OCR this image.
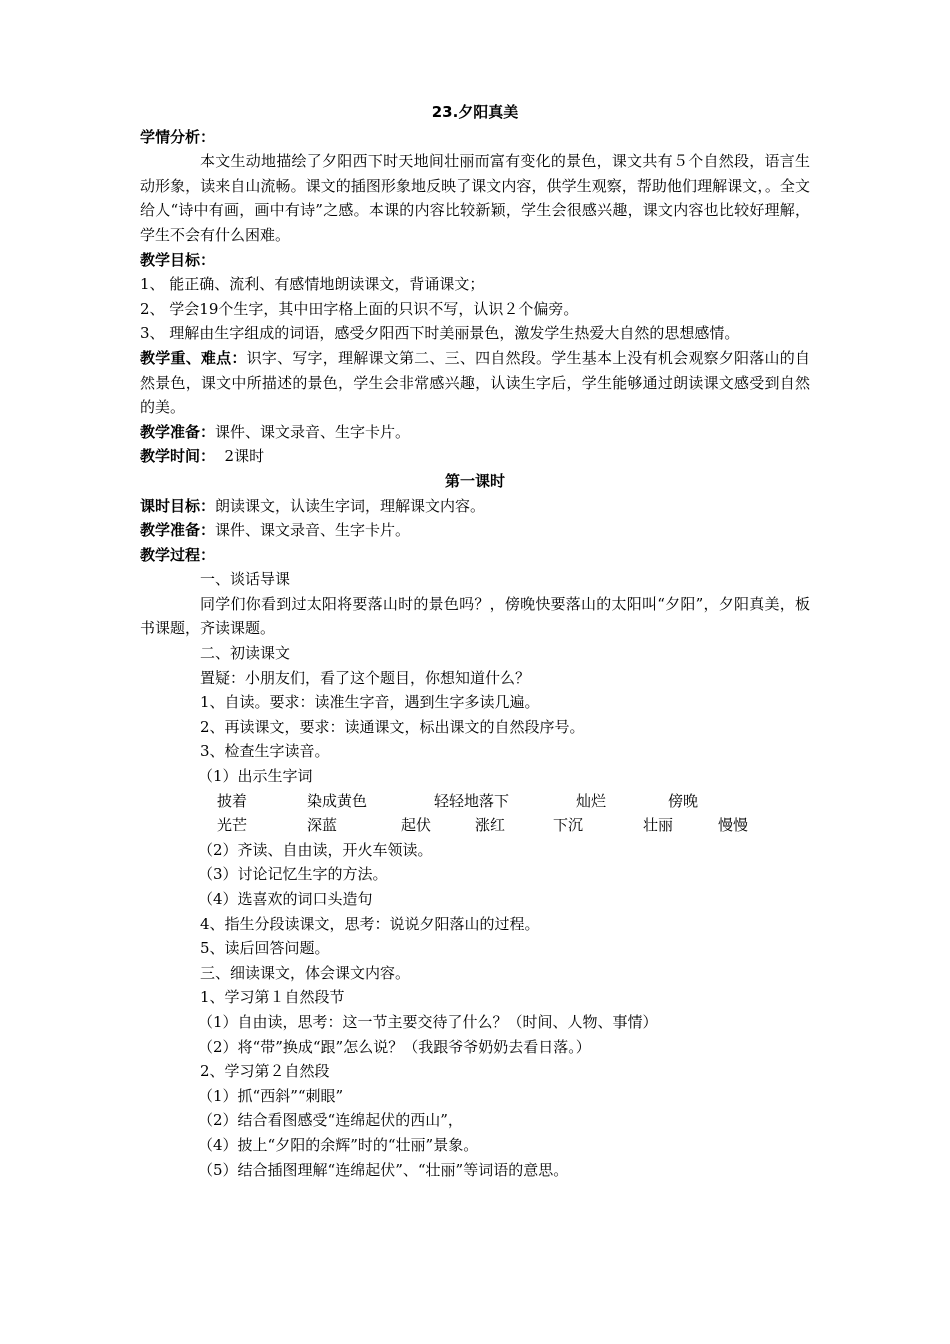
23.夕阳真美
学情分析：
本文生动地描绘了夕阳西下时天地间壮丽而富有变化的景色，课文共有５个自然段，语言生动形象，读来自山流畅。课文的插图形象地反映了课文内容，供学生观察，帮助他们理解课文，。全文给人“诗中有画，画中有诗”之感。本课的内容比较新颖，学生会很感兴趣，课文内容也比较好理解，学生不会有什么困难。
教学目标：
1、 能正确、流利、有感情地朗读课文，背诵课文；
2、 学会19个生字，其中田字格上面的只识不写，认识２个偏旁。
3、 理解由生字组成的词语，感受夕阳西下时美丽景色，激发学生热爱大自然的思想感情。
教学重、难点：识字、写字，理解课文第二、三、四自然段。学生基本上没有机会观察夕阳落山的自然景色，课文中所描述的景色，学生会非常感兴趣，认读生字后，学生能够通过朗读课文感受到自然的美。
教学准备：课件、课文录音、生字卡片。
教学时间：  2课时
第一课时
课时目标：朗读课文，认读生字词，理解课文内容。
教学准备：课件、课文录音、生字卡片。
教学过程：
一、谈话导课
同学们你看到过太阳将要落山时的景色吗？，傍晚快要落山的太阳叫“夕阳”，夕阳真美，板书课题，齐读课题。
二、初读课文
置疑：小朋友们，看了这个题目，你想知道什么？
1、自读。要求：读准生字音，遇到生字多读几遍。
2、再读课文，要求：读通课文，标出课文的自然段序号。
3、检查生字读音。
（1）出示生字词
披着	染成黄色	轻轻地落下	灿烂	傍晚
光芒	深蓝	起伏	涨红	下沉	壮丽	慢慢
（2）齐读、自由读，开火车领读。
（3）讨论记忆生字的方法。
（4）选喜欢的词口头造句
4、指生分段读课文，思考：说说夕阳落山的过程。
5、读后回答问题。
三、细读课文，体会课文内容。
1、学习第１自然段节
（1）自由读，思考：这一节主要交待了什么？（时间、人物、事情）
（2）将“带”换成“跟”怎么说？（我跟爷爷奶奶去看日落。）
2、学习第２自然段
（1）抓“西斜”“刺眼”
（2）结合看图感受“连绵起伏的西山”，
（4）披上“夕阳的余辉”时的“壮丽”景象。
（5）结合插图理解“连绵起伏”、“壮丽”等词语的意思。
